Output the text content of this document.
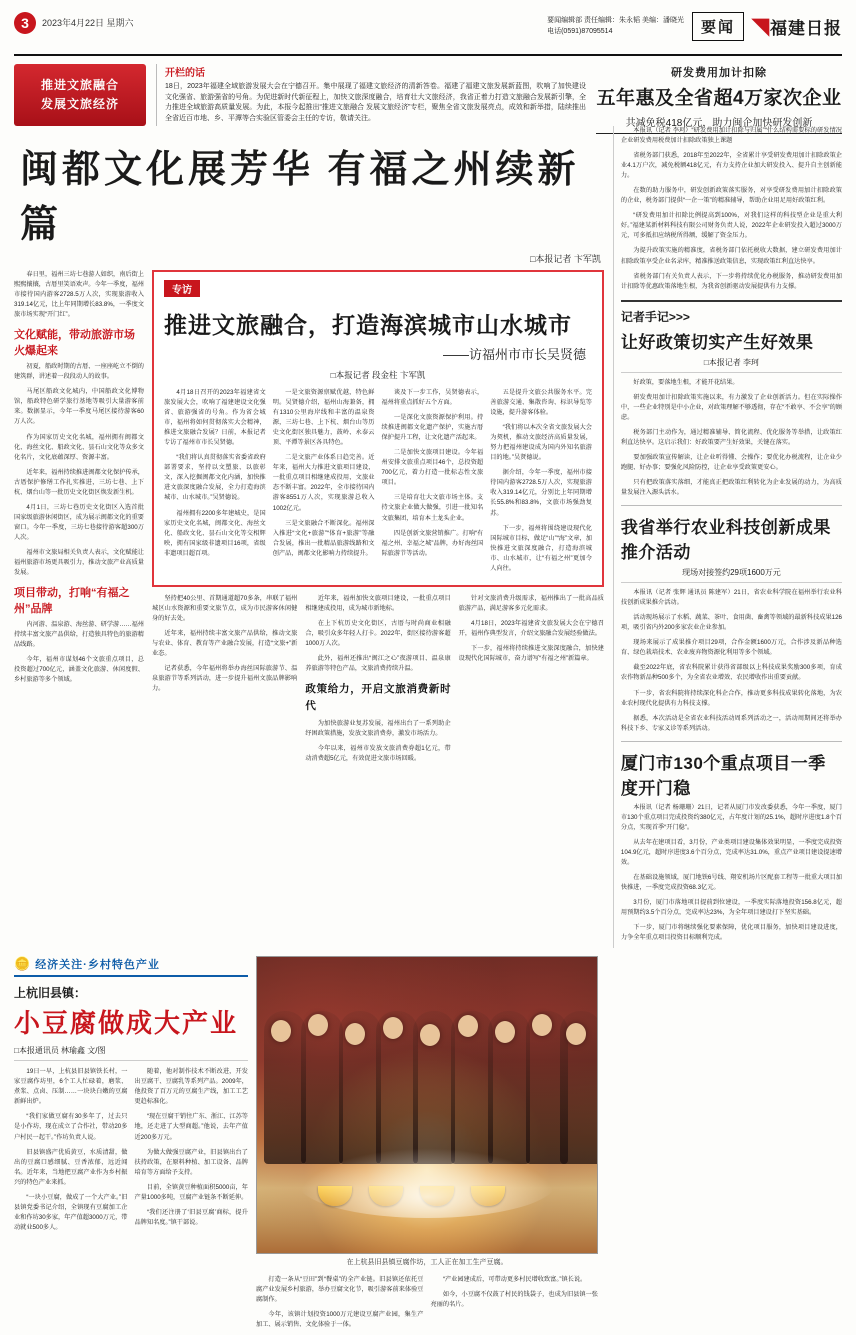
3	2023年4月22日 星期六	要闻编辑部 责任编辑：朱永韬 美编：潘晓光
电话(0591)87095514	要闻	◥福建日报
推进文旅融合
发展文旅经济
开栏的话

18日，2023年福建全域旅游发展大会在宁德召开。集中展现了福建文旅经济的清新答卷。福建了福建文旅发展新蓝图，吹响了加快建设文化强省、旅游强省的号角。为促进新时代新征程上，加快文旅深度融合，培育壮大文旅经济，我省正着力打造文旅融合发展新引擎，全力推进全域旅游高质量发展。为此，本报今起推出“推进文旅融合 发展文旅经济”专栏，聚焦全省文旅发展亮点，成效和新举措，陆续推出全省近百市地、乡、平潭等合实验区管委会主任的专访，敬请关注。

研发费用加计扣除
五年惠及全省超4万家次企业
共减免税418亿元，助力闽企加快研发创新
闽都文化展芳华 有福之州续新篇
□本报记者 卞军凯

春日里，福州三坊七巷游人如织，南后街上熙熙攘攘，古厝里笑语欢声。今年一季度，福州市接待国内游客2728.5万人次，实现旅游收入319.14亿元，比上年同期增长83.8%，一季度文旅市场实现“开门红”。

文化赋能，带动旅游市场火爆起来

初夏，船政时期的古厝、一座座屹立不倒的建筑群，讲述着一段段动人的故事。

马尾区船政文化城内，中国船政文化博物馆，船政特色研学旅行基地等吸引大量游客前来。数据显示，今年一季度马尾区接待游客60万人次。

作为国家历史文化名城，福州拥有闽都文化、海丝文化、船政文化、昙石山文化等众多文化名片，文化底蕴深厚、资源丰富。

近年来，福州持续推进闽都文化保护传承，古厝保护修缮工作扎实推进，三坊七巷、上下杭、烟台山等一批历史文化街区焕发新生机。

4月1日，三坊七巷历史文化街区入选首批国家级旅游休闲街区，成为展示闽都文化的重要窗口。今年一季度，三坊七巷接待游客超300万人次。

福州市文旅局相关负责人表示，文化赋能让福州旅游市场更具吸引力，推动文旅产业高质量发展。

项目带动，打响“有福之州”品牌

内河游、温泉游、海丝游、研学游……福州持续丰富文旅产品供给，打造独具特色的旅游精品线路。

今年，福州市谋划46个文旅重点项目，总投资超过700亿元，涵盖文化旅游、休闲度假、乡村旅游等多个领域。

专访
推进文旅融合，打造海滨城市山水城市
——访福州市市长吴贤德
□本报记者 段金柱 卞军凯

4月18日召开的2023年福建省文旅发展大会，吹响了福建建设文化强省、旅游强省的号角。作为省会城市，福州将如何贯彻落实大会精神，推进文旅融合发展？日前，本报记者专访了福州市市长吴贤德。

“我们将认真贯彻落实省委省政府部署要求，坚持以文塑旅、以旅彰文，深入挖掘闽都文化内涵，加快推进文旅深度融合发展，全力打造海滨城市、山水城市。”吴贤德说。

福州拥有2200多年建城史，是国家历史文化名城，闽都文化、海丝文化、船政文化、昙石山文化等交相辉映，拥有国家级非遗项目16项，省级非遗项目超百项。

一是文旅资源禀赋优越，特色鲜明。吴贤德介绍，福州山海兼备，拥有1310公里海岸线和丰富的温泉资源，三坊七巷、上下杭、烟台山等历史文化街区独具魅力，鼓岭、永泰云顶、平潭等景区各具特色。

二是文旅产业体系日趋完善。近年来，福州大力推进文旅项目建设，一批重点项目相继建成投用，文旅业态不断丰富。2022年，全市接待国内游客8551万人次，实现旅游总收入1002亿元。

三是文旅融合不断深化。福州深入推进“文化+旅游”“体育+旅游”等融合发展，推出一批精品旅游线路和文创产品，闽都文化影响力持续提升。

谈及下一步工作，吴贤德表示，福州将重点抓好五个方面。

一是深化文旅资源保护利用。持续推进闽都文化遗产保护，实施古厝保护提升工程，让文化遗产活起来。

二是加快文旅项目建设。今年福州安排文旅重点项目46个，总投资超700亿元，着力打造一批标志性文旅项目。

三是培育壮大文旅市场主体。支持文旅企业做大做强，引进一批知名文旅集团，培育本土龙头企业。

四是创新文旅营销推广。打响“有福之州、幸福之城”品牌，办好海丝国际旅游节等活动。

五是提升文旅公共服务水平。完善旅游交通、集散咨询、标识导览等设施，提升游客体验。

“我们将以本次全省文旅发展大会为契机，推动文旅经济高质量发展，努力把福州建设成为国内外知名旅游目的地。”吴贤德说。

据介绍，今年一季度，福州市接待国内游客2728.5万人次，实现旅游收入319.14亿元，分别比上年同期增长55.8%和83.8%，文旅市场强劲复苏。

下一步，福州将围绕建设现代化国际城市目标，做足“山”“海”文章，加快推进文旅深度融合，打造海滨城市、山水城市，让“有福之州”更加令人向往。

坚持把40公里、首期通道超70多条，串联了福州城区山水资源和重要文旅节点，成为市民游客休闲健身的好去处。

近年来，福州持续丰富文旅产品供给，推动文旅与农业、体育、教育等产业融合发展，打造“文旅+”新业态。

记者获悉，今年福州将举办海丝国际旅游节、温泉旅游节等系列活动，进一步提升福州文旅品牌影响力。

近年来，福州加快文旅项目建设，一批重点项目相继建成投用，成为城市新地标。

在上下杭历史文化街区，古厝与时尚商业相融合，吸引众多年轻人打卡。2022年，街区接待游客超1000万人次。

此外，福州还推出“闽江之心”夜游项目、温泉康养旅游等特色产品，文旅消费持续升温。

政策给力，开启文旅消费新时代

为加快旅游业复苏发展，福州出台了一系列助企纾困政策措施，发放文旅消费券，激发市场活力。

今年以来，福州市发放文旅消费券超1亿元，带动消费超5亿元，有效促进文旅市场回暖。

针对文旅消费升级需求，福州推出了一批高品质旅游产品，满足游客多元化需求。

4月18日，2023年福建省文旅发展大会在宁德召开，福州作典型发言，介绍文旅融合发展经验做法。

下一步，福州将持续推进文旅深度融合，加快建设现代化国际城市，奋力谱写“有福之州”新篇章。

本报讯（记者 李珂）“研发费用加计扣除与归属”“什么结构需要标的研发情况企业研发费用税费加计扣除政策独上课题

省税务部门获悉，2018年至2022年，全省累计享受研发费用加计扣除政策企业4.1万户次，减免税额418亿元，有力支持企业加大研发投入、提升自主创新能力。

在数的助力服务中，研发创新政策落实服务，对享受研发费用加计扣除政策的企业，税务部门提供“一企一策”的精准辅导，帮助企业用足用好政策红利。

“研发费用加计扣除比例提高到100%，对我们这样的科技型企业是重大利好。”福建某新材料科技有限公司财务负责人说，2022年企业研发投入超过3000万元，可多抵扣应纳税所得额，缓解了资金压力。

为提升政策实施的精准度，省税务部门依托税收大数据，建立研发费用加计扣除政策享受企业名录库，精准推送政策信息，实现政策红利直达快享。

省税务部门有关负责人表示，下一步将持续优化办税服务，推动研发费用加计扣除等优惠政策落地生根，为我省创新驱动发展提供有力支撑。

记者手记>>>
让好政策切实产生好效果
□本报记者 李珂

好政策，要落地生根，才能开花结果。

研发费用加计扣除政策实施以来，有力激发了企业创新活力。但在实际操作中，一些企业特别是中小企业，对政策理解不够透彻，存在“不敢享、不会享”的顾虑。

税务部门主动作为，通过精准辅导、简化流程、优化服务等举措，让政策红利直达快享。这启示我们：好政策要产生好效果，关键在落实。

要加强政策宣传解读，让企业听得懂、会操作；要优化办税流程，让企业少跑腿、好办事；要强化风险防控，让企业享受政策更安心。

只有把政策落实落细，才能真正把政策红利转化为企业发展的动力，为高质量发展注入源头活水。

我省举行农业科技创新成果推介活动
现场对接签约29项1600万元

本报讯（记者 张辉 通讯员 陈建军）21日，省农业科学院在福州举行农业科技创新成果推介活动。

活动现场展示了水稻、蔬菜、茶叶、食用菌、畜禽等领域的最新科技成果126项，吸引省内外200多家农业企业参加。

现场来展示了成果推介项目29项，合作金额1600万元，合作涉及新品种选育、绿色栽培技术、农业废弃物资源化利用等多个领域。

截至2022年底，省农科院累计获得省部级以上科技成果奖励300多项，育成农作物新品种500多个，为全省农业增效、农民增收作出重要贡献。

下一步，省农科院将持续深化科企合作，推动更多科技成果转化落地，为农业农村现代化提供有力科技支撑。

据悉，本次活动是全省农业科技活动周系列活动之一，活动周期间还将举办科技下乡、专家义诊等系列活动。

厦门市130个重点项目一季度开门稳

本报讯（记者 杨珊珊）21日，记者从厦门市发改委获悉，今年一季度，厦门市130个重点项目完成投资约380亿元，占年度计划的25.1%，超时序进度1.8个百分点，实现首季“开门稳”。

从去年在建项目看，3月份，产业类项目建设集体效果明显，一季度完成投资104.9亿元，超时序进度3.6个百分点，完成率达31.0%，重点产业项目建设提速增效。

在基础设施领域，厦门地铁6号线、翔安机场片区配套工程等一批重大项目加快推进，一季度完成投资68.3亿元。

3月份，厦门市落地项目提前到位建设，一季度实际落地投资156.8亿元，超用预期约3.5个百分点，完成率达23%，为全年项目建设打下坚实基础。

下一步，厦门市将继续强化要素保障，优化项目服务，加快项目建设进度，力争全年重点项目投资目标顺利完成。

🪙 经济关注·乡村特色产业
上杭旧县镇：
小豆腐做成大产业
□本报通讯员 林瑜鑫 文/图

19日一早，上杭县旧县镇铁长村，一家豆腐作坊里，6个工人忙碌着，磨浆、煮浆、点卤、压制……一块块白嫩的豆腐新鲜出炉。

“我们家做豆腐有30多年了，过去只是小作坊，现在成立了合作社，带动20多户村民一起干。”作坊负责人说。

旧县镇盛产优质黄豆，水质清甜，做出的豆腐口感细腻、豆香浓郁，远近闻名。近年来，当地把豆腐产业作为乡村振兴的特色产业来抓。

“一块小豆腐，做成了一个大产业。”旧县镇党委书记介绍，全镇现有豆腐加工企业和作坊30多家，年产值超3000万元，带动就业500多人。

随着，他对制作技术不断改进，开发出豆腐干、豆腐乳等系列产品。2009年，他投资了百万元的豆腐生产线，加工工艺更趋标准化。

“现在豆腐干销往广东、浙江、江苏等地，还走进了大型商超。”他说，去年产值近200多万元。

为做大做强豆腐产业，旧县镇出台了扶持政策，在原料种植、加工设备、品牌培育等方面给予支持。

目前，全镇黄豆种植面积5000亩，年产量1000多吨，豆腐产业链条不断延伸。

“我们还注册了‘旧县豆腐’商标，提升品牌知名度。”镇干部说。

在上杭县旧县镇豆腐作坊，工人正在加工生产豆腐。

打造一条从“豆田”到“餐桌”的全产业链。旧县镇还依托豆腐产业发展乡村旅游，举办豆腐文化节，吸引游客前来体验豆腐制作。

今年，该镇计划投资1000万元建设豆腐产业园，集生产加工、展示销售、文化体验于一体。

“产业园建成后，可带动更多村民增收致富。”镇长说。

如今，小豆腐不仅鼓了村民的钱袋子，也成为旧县镇一张亮丽的名片。
